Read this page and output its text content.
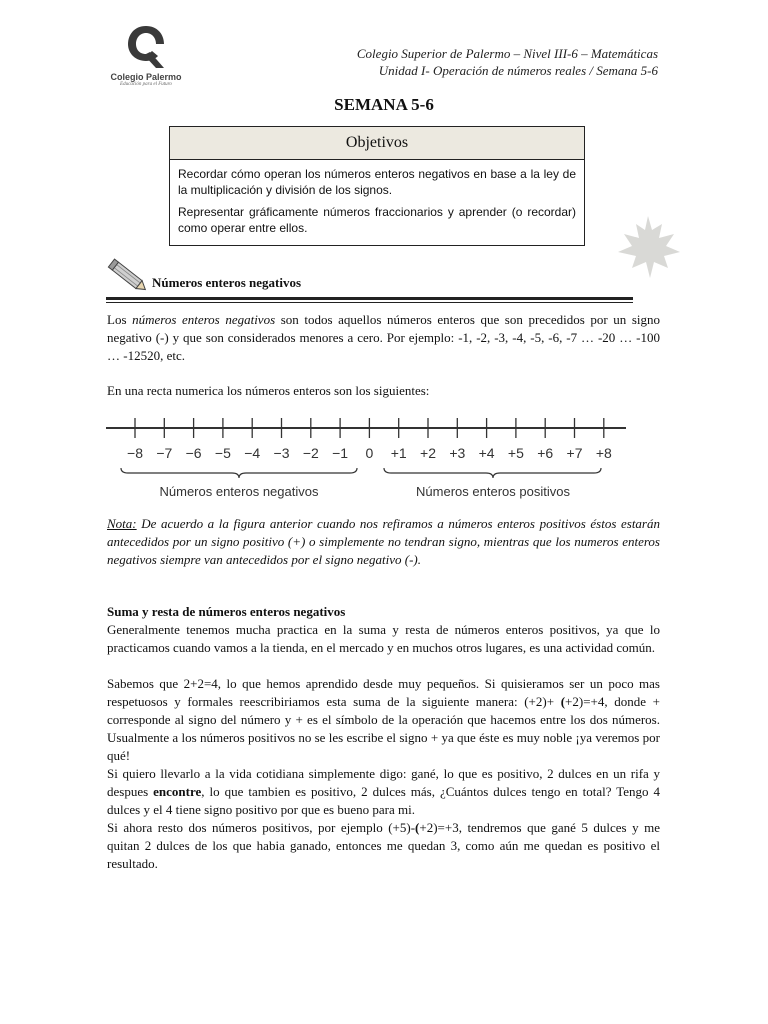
Colegio Palermo
Educación para el Futuro
Colegio Superior de Palermo – Nivel III-6 – Matemáticas
Unidad I- Operación de números reales / Semana 5-6
SEMANA 5-6
Objetivos

Recordar cómo operan los números enteros negativos en base a la ley de la multiplicación y división de los signos.

Representar gráficamente números fraccionarios y aprender (o recordar) como operar entre ellos.

Números enteros negativos

Los números enteros negativos son todos aquellos números enteros que son precedidos por un signo negativo (-) y que son considerados menores a cero. Por ejemplo: -1, -2, -3, -4, -5, -6, -7 … -20 … -100 … -12520, etc.

En una recta numerica los números enteros son los siguientes:

−8 −7 −6 −5 −4 −3 −2 −1 0 +1 +2 +3 +4 +5 +6 +7 +8
Números enteros negativos	Números enteros positivos
Nota: De acuerdo a la figura anterior cuando nos refiramos a números enteros positivos éstos estarán antecedidos por un signo positivo (+) o simplemente no tendran signo, mientras que los numeros enteros negativos siempre van antecedidos por el signo negativo (-).

Suma y resta de números enteros negativos

Generalmente tenemos mucha practica en la suma y resta de números enteros positivos, ya que lo practicamos cuando vamos a la tienda, en el mercado y en muchos otros lugares, es una actividad común.

Sabemos que 2+2=4, lo que hemos aprendido desde muy pequeños. Si quisieramos ser un poco mas respetuosos y formales reescribiriamos esta suma de la siguiente manera: (+2)+ (+2)=+4, donde + corresponde al signo del número y + es el símbolo de la operación que hacemos entre los dos números. Usualmente a los números positivos no se les escribe el signo + ya que éste es muy noble ¡ya veremos por qué!

Si quiero llevarlo a la vida cotidiana simplemente digo: gané, lo que es positivo, 2 dulces en un rifa y despues encontre, lo que tambien es positivo, 2 dulces más, ¿Cuántos dulces tengo en total? Tengo 4 dulces y el 4 tiene signo positivo por que es bueno para mi.

Si ahora resto dos números positivos, por ejemplo (+5)-(+2)=+3, tendremos que gané 5 dulces y me quitan 2 dulces de los que habia ganado, entonces me quedan 3, como aún me quedan es positivo el resultado.
